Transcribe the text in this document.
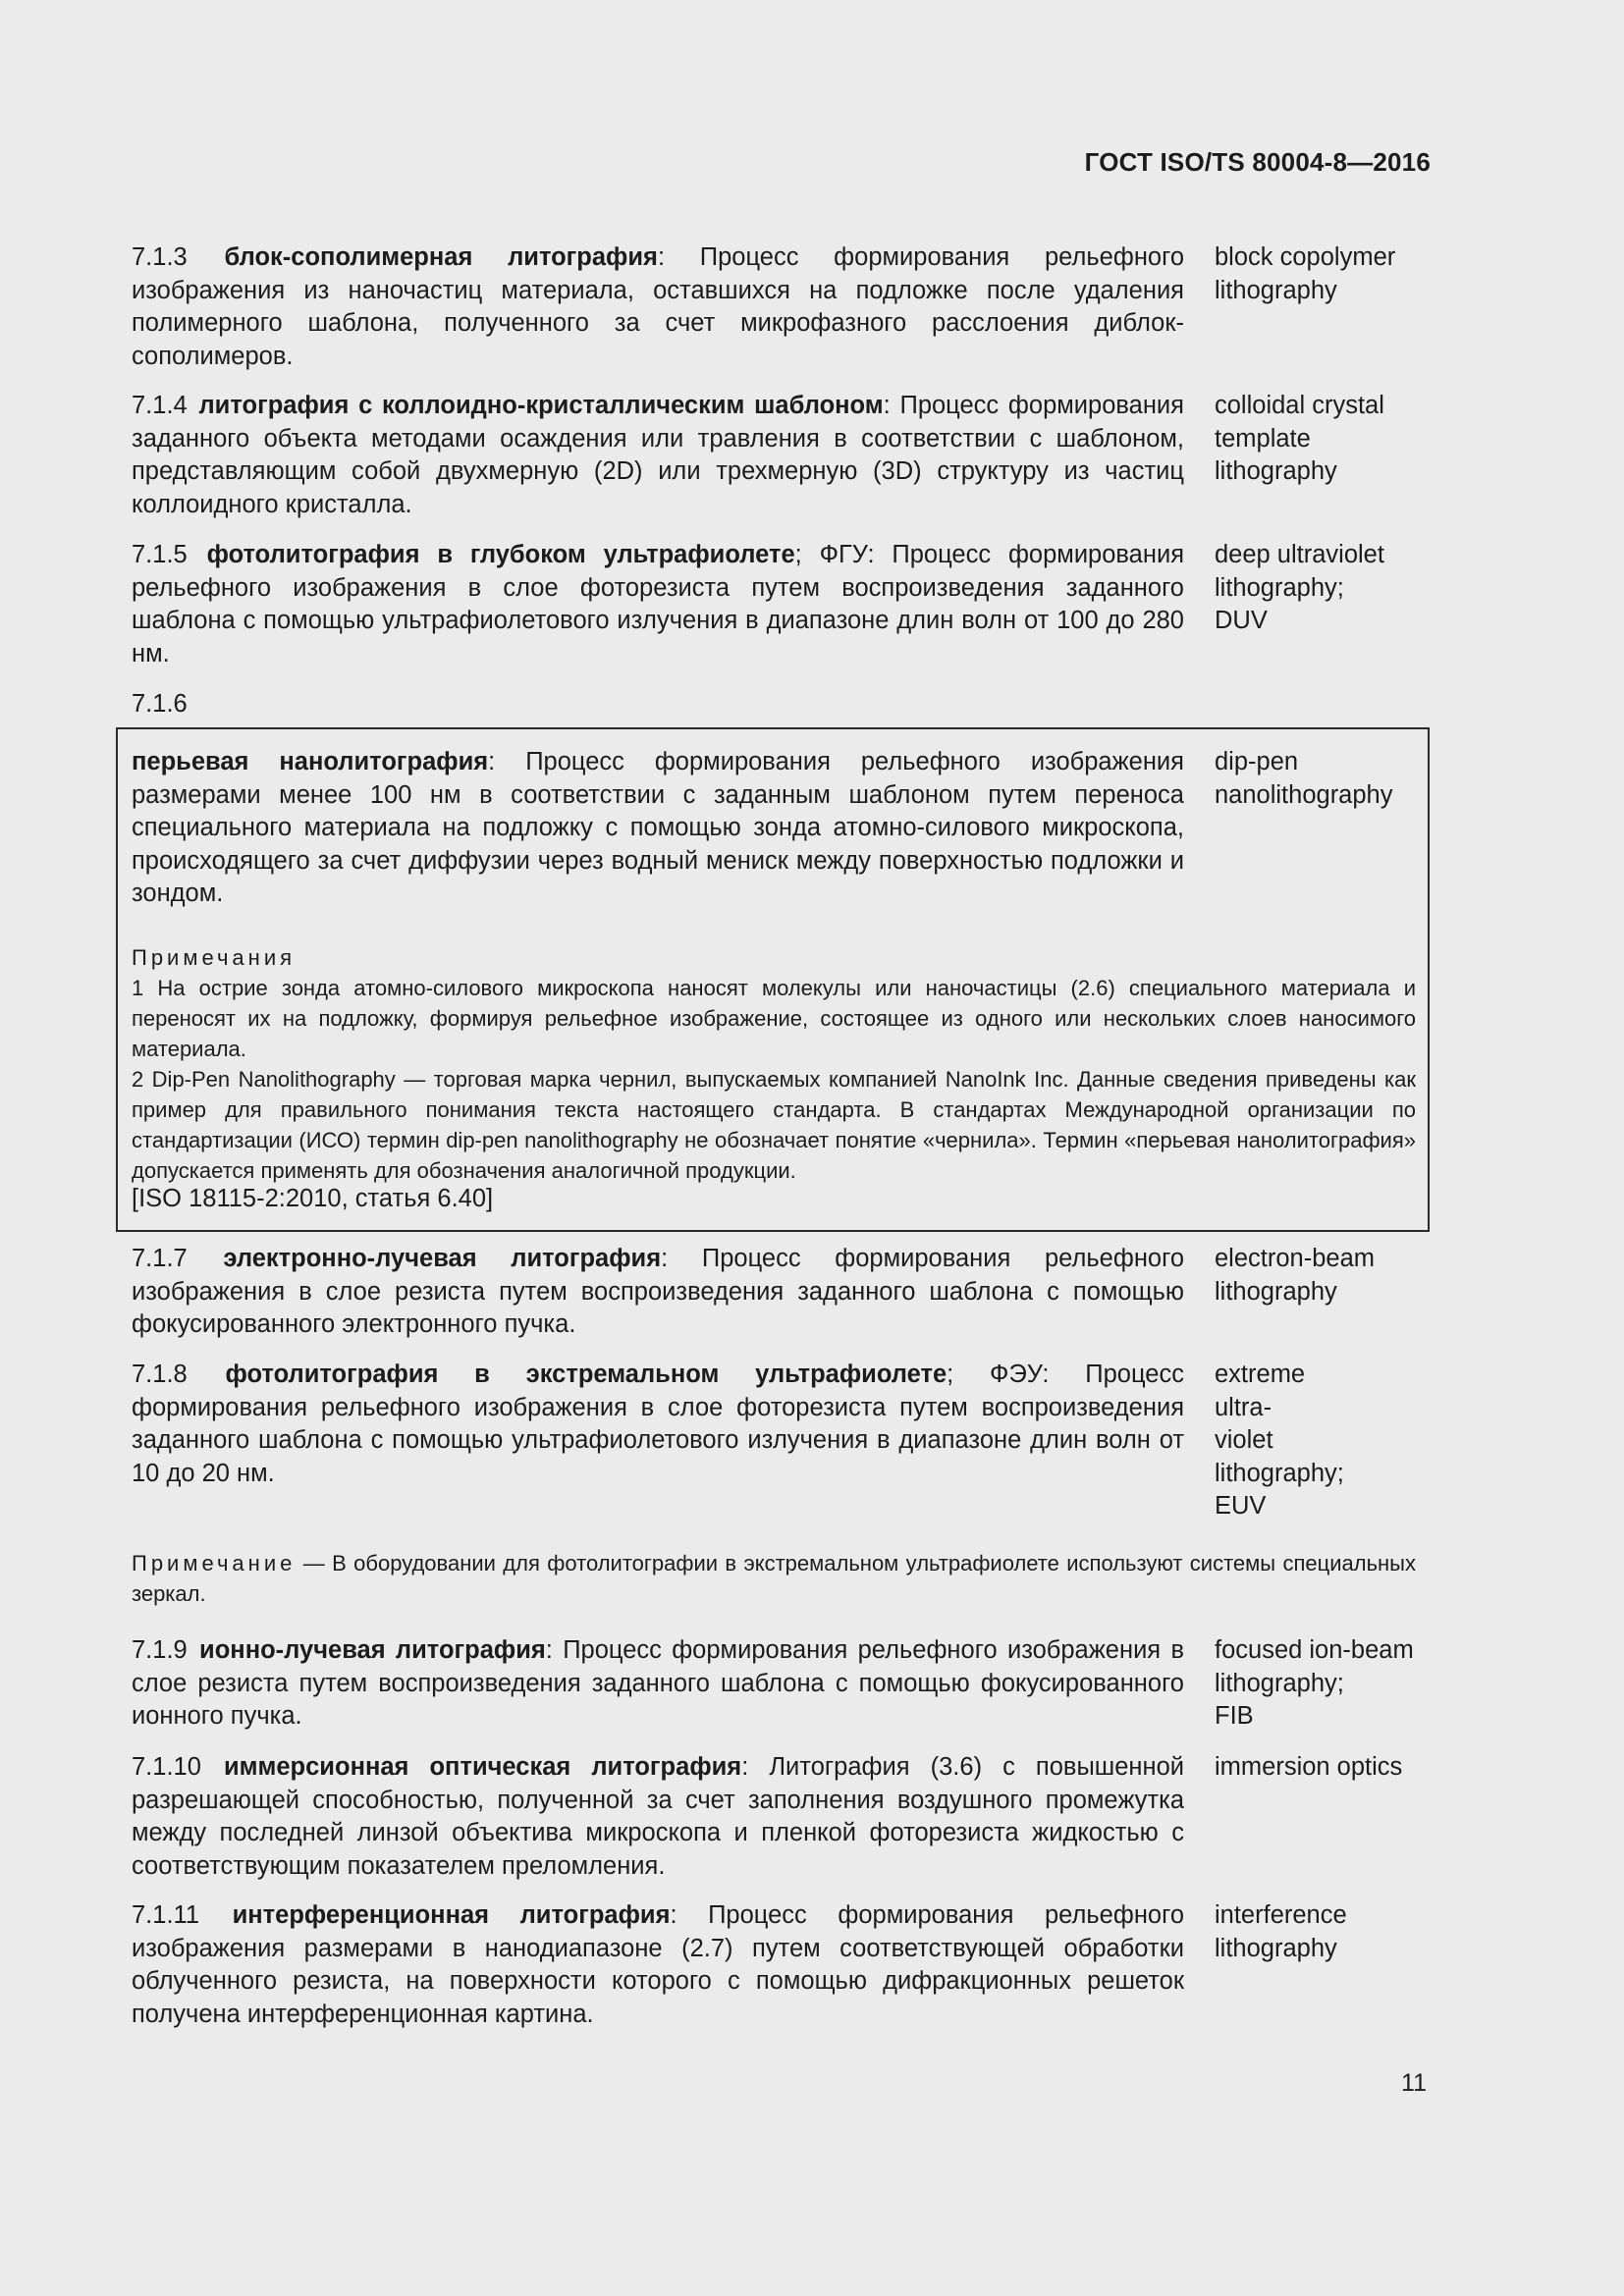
ГОСТ ISO/TS 80004-8—2016
7.1.3 блок-сополимерная литография: Процесс формирования рельефного изображения из наночастиц материала, оставшихся на подложке после удаления полимерного шаблона, полученного за счет микрофазного расслоения диблок-сополимеров.
block copolymer
lithography
7.1.4 литография с коллоидно-кристаллическим шаблоном: Процесс формирования заданного объекта методами осаждения или травления в соответствии с шаблоном, представляющим собой двухмерную (2D) или трехмерную (3D) структуру из частиц коллоидного кристалла.
colloidal crystal
template
lithography
7.1.5 фотолитография в глубоком ультрафиолете; ФГУ: Процесс формирования рельефного изображения в слое фоторезиста путем воспроизведения заданного шаблона с помощью ультрафиолетового излучения в диапазоне длин волн от 100 до 280 нм.
deep ultraviolet
lithography;
DUV
7.1.6
перьевая нанолитография: Процесс формирования рельефного изображения размерами менее 100 нм в соответствии с заданным шаблоном путем переноса специального материала на подложку с помощью зонда атомно-силового микроскопа, происходящего за счет диффузии через водный мениск между поверхностью подложки и зондом.
dip-pen
nanolithography
Примечания
1 На острие зонда атомно-силового микроскопа наносят молекулы или наночастицы (2.6) специального материала и переносят их на подложку, формируя рельефное изображение, состоящее из одного или нескольких слоев наносимого материала.
2 Dip-Pen Nanolithography — торговая марка чернил, выпускаемых компанией NanoInk Inc. Данные сведения приведены как пример для правильного понимания текста настоящего стандарта. В стандартах Международной организации по стандартизации (ИСО) термин dip-pen nanolithography не обозначает понятие «чернила». Термин «перьевая нанолитография» допускается применять для обозначения аналогичной продукции.
[ISO 18115-2:2010, статья 6.40]
7.1.7 электронно-лучевая литография: Процесс формирования рельефного изображения в слое резиста путем воспроизведения заданного шаблона с помощью фокусированного электронного пучка.
electron-beam
lithography
7.1.8 фотолитография в экстремальном ультрафиолете; ФЭУ: Процесс формирования рельефного изображения в слое фоторезиста путем воспроизведения заданного шаблона с помощью ультрафиолетового излучения в диапазоне длин волн от 10 до 20 нм.
extreme
ultra-
violet
lithography;
EUV
Примечание — В оборудовании для фотолитографии в экстремальном ультрафиолете используют системы специальных зеркал.
7.1.9 ионно-лучевая литография: Процесс формирования рельефного изображения в слое резиста путем воспроизведения заданного шаблона с помощью фокусированного ионного пучка.
focused ion-beam
lithography;
FIB
7.1.10 иммерсионная оптическая литография: Литография (3.6) с повышенной разрешающей способностью, полученной за счет заполнения воздушного промежутка между последней линзой объектива микроскопа и пленкой фоторезиста жидкостью с соответствующим показателем преломления.
immersion optics
7.1.11 интерференционная литография: Процесс формирования рельефного изображения размерами в нанодиапазоне (2.7) путем соответствующей обработки облученного резиста, на поверхности которого с помощью дифракционных решеток получена интерференционная картина.
interference
lithography
11
